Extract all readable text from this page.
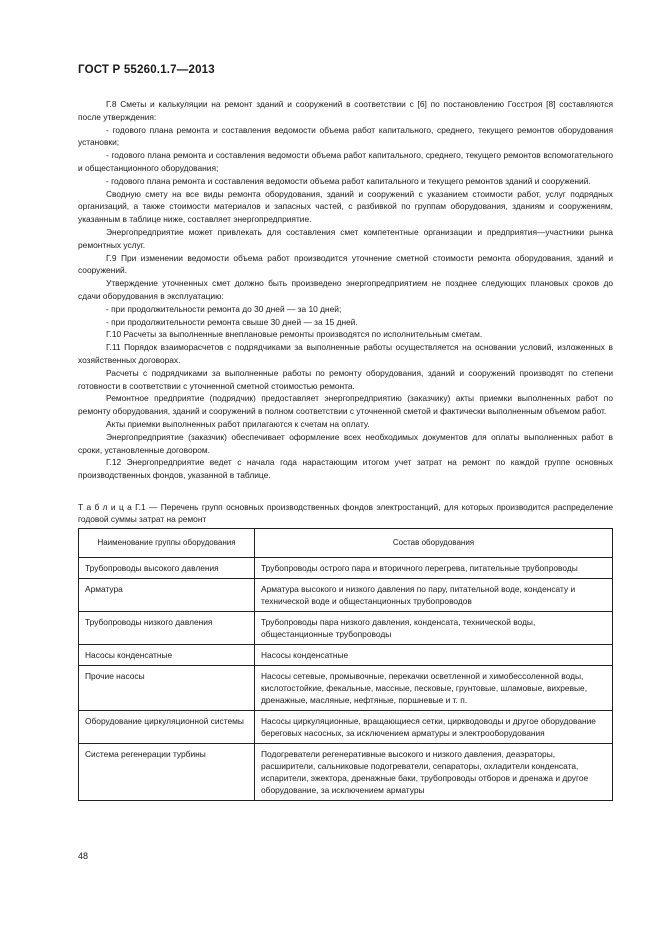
ГОСТ Р 55260.1.7—2013

Г.8 Сметы и калькуляции на ремонт зданий и сооружений в соответствии с [6] по постановлению Госстроя [8] составляются после утверждения:

- годового плана ремонта и составления ведомости объема работ капитального, среднего, текущего ремонтов оборудования установки;

- годового плана ремонта и составления ведомости объема работ капитального, среднего, текущего ремонтов вспомогательного и общестанционного оборудования;

- годового плана ремонта и составления ведомости объема работ капитального и текущего ремонтов зданий и сооружений.

Сводную смету на все виды ремонта оборудования, зданий и сооружений с указанием стоимости работ, услуг подрядных организаций, а также стоимости материалов и запасных частей, с разбивкой по группам оборудования, зданиям и сооружениям, указанным в таблице ниже, составляет энергопредприятие.

Энергопредприятие может привлекать для составления смет компетентные организации и предприятия—участники рынка ремонтных услуг.

Г.9 При изменении ведомости объема работ производится уточнение сметной стоимости ремонта оборудования, зданий и сооружений.

Утверждение уточненных смет должно быть произведено энергопредприятием не позднее следующих плановых сроков до сдачи оборудования в эксплуатацию:

- при продолжительности ремонта до 30 дней — за 10 дней;

- при продолжительности ремонта свыше 30 дней — за 15 дней.

Г.10 Расчеты за выполненные внеплановые ремонты производятся по исполнительным сметам.

Г.11 Порядок взаиморасчетов с подрядчиками за выполненные работы осуществляется на основании условий, изложенных в хозяйственных договорах.

Расчеты с подрядчиками за выполненные работы по ремонту оборудования, зданий и сооружений производят по степени готовности в соответствии с уточненной сметной стоимостью ремонта.

Ремонтное предприятие (подрядчик) предоставляет энергопредприятию (заказчику) акты приемки выполненных работ по ремонту оборудования, зданий и сооружений в полном соответствии с уточненной сметой и фактически выполненным объемом работ.

Акты приемки выполненных работ прилагаются к счетам на оплату.

Энергопредприятие (заказчик) обеспечивает оформление всех необходимых документов для оплаты выполненных работ в сроки, установленные договором.

Г.12 Энергопредприятие ведет с начала года нарастающим итогом учет затрат на ремонт по каждой группе основных производственных фондов, указанной в таблице.

Т а б л и ц а Г.1 — Перечень групп основных производственных фондов электростанций, для которых производится распределение годовой суммы затрат на ремонт
Наименование группы оборудования	Состав оборудования
Трубопроводы высокого давления	Трубопроводы острого пара и вторичного перегрева, питательные трубопроводы
Арматура	Арматура высокого и низкого давления по пару, питательной воде, конденсату и технической воде и общестанционных трубопроводов
Трубопроводы низкого давления	Трубопроводы пара низкого давления, конденсата, технической воды, общестанционные трубопроводы
Насосы конденсатные	Насосы конденсатные
Прочие насосы	Насосы сетевые, промывочные, перекачки осветленной и химобессоленной воды, кислотостойкие, фекальные, массные, песковые, грунтовые, шламовые, вихревые, дренажные, масляные, нефтяные, поршневые и т. п.
Оборудование циркуляционной системы	Насосы циркуляционные, вращающиеся сетки, циркводоводы и другое оборудование береговых насосных, за исключением арматуры и электрооборудования
Система регенерации турбины	Подогреватели регенеративные высокого и низкого давления, деаэраторы, расширители, сальниковые подогреватели, сепараторы, охладители конденсата, испарители, эжектора, дренажные баки, трубопроводы отборов и дренажа и другое оборудование, за исключением арматуры
48
